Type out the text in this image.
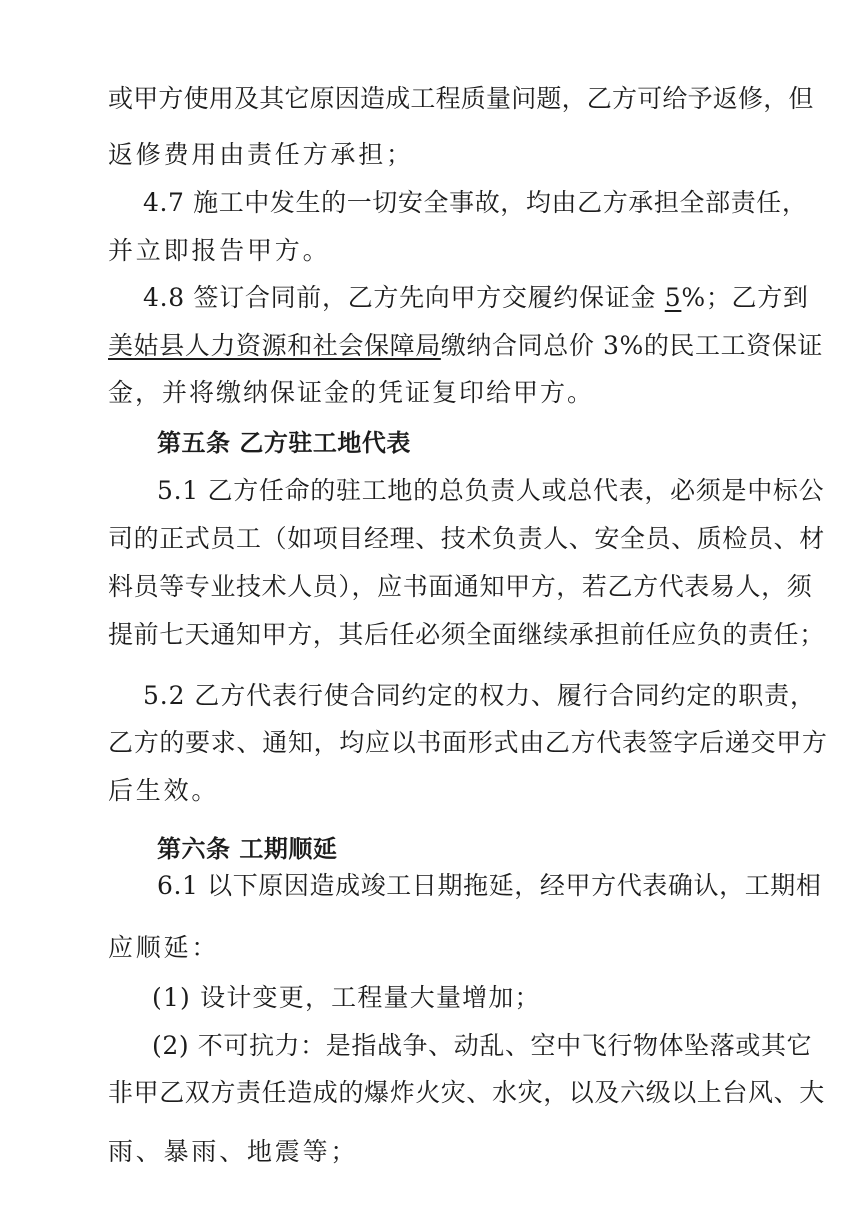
或甲方使用及其它原因造成工程质量问题，乙方可给予返修，但
返修费用由责任方承担；
4.7 施工中发生的一切安全事故，均由乙方承担全部责任，
并立即报告甲方。
4.8 签订合同前，乙方先向甲方交履约保证金 5%；乙方到
美姑县人力资源和社会保障局缴纳合同总价 3%的民工工资保证
金，并将缴纳保证金的凭证复印给甲方。
第五条 乙方驻工地代表
5.1 乙方任命的驻工地的总负责人或总代表，必须是中标公
司的正式员工（如项目经理、技术负责人、安全员、质检员、材
料员等专业技术人员），应书面通知甲方，若乙方代表易人，须
提前七天通知甲方，其后任必须全面继续承担前任应负的责任；
5.2 乙方代表行使合同约定的权力、履行合同约定的职责，
乙方的要求、通知，均应以书面形式由乙方代表签字后递交甲方
后生效。
第六条 工期顺延
6.1 以下原因造成竣工日期拖延，经甲方代表确认，工期相
应顺延：
(1) 设计变更，工程量大量增加；
(2) 不可抗力：是指战争、动乱、空中飞行物体坠落或其它
非甲乙双方责任造成的爆炸火灾、水灾，以及六级以上台风、大
雨、暴雨、地震等；
